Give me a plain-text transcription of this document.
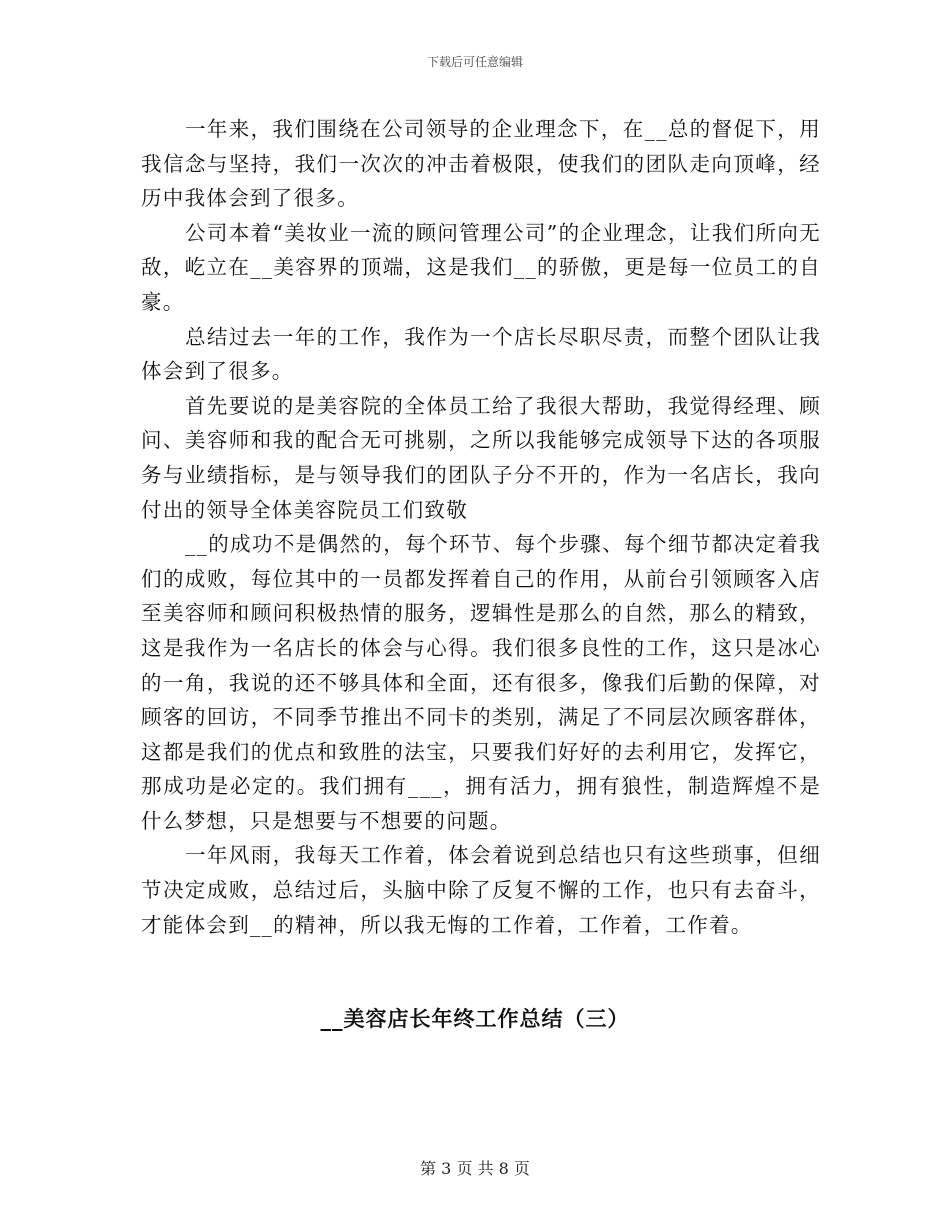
下载后可任意编辑

一年来，我们围绕在公司领导的企业理念下，在__总的督促下，用我信念与坚持，我们一次次的冲击着极限，使我们的团队走向顶峰，经历中我体会到了很多。

公司本着“美妆业一流的顾问管理公司”的企业理念，让我们所向无敌，屹立在__美容界的顶端，这是我们__的骄傲，更是每一位员工的自豪。

总结过去一年的工作，我作为一个店长尽职尽责，而整个团队让我体会到了很多。

首先要说的是美容院的全体员工给了我很大帮助，我觉得经理、顾问、美容师和我的配合无可挑剔，之所以我能够完成领导下达的各项服务与业绩指标，是与领导我们的团队子分不开的，作为一名店长，我向付出的领导全体美容院员工们致敬

__的成功不是偶然的，每个环节、每个步骤、每个细节都决定着我们的成败，每位其中的一员都发挥着自己的作用，从前台引领顾客入店至美容师和顾问积极热情的服务，逻辑性是那么的自然，那么的精致，这是我作为一名店长的体会与心得。我们很多良性的工作，这只是冰心的一角，我说的还不够具体和全面，还有很多，像我们后勤的保障，对顾客的回访，不同季节推出不同卡的类别，满足了不同层次顾客群体，这都是我们的优点和致胜的法宝，只要我们好好的去利用它，发挥它，那成功是必定的。我们拥有___，拥有活力，拥有狼性，制造辉煌不是什么梦想，只是想要与不想要的问题。

一年风雨，我每天工作着，体会着说到总结也只有这些琐事，但细节决定成败，总结过后，头脑中除了反复不懈的工作，也只有去奋斗，才能体会到__的精神，所以我无悔的工作着，工作着，工作着。

__美容店长年终工作总结（三）
第 3 页 共 8 页
